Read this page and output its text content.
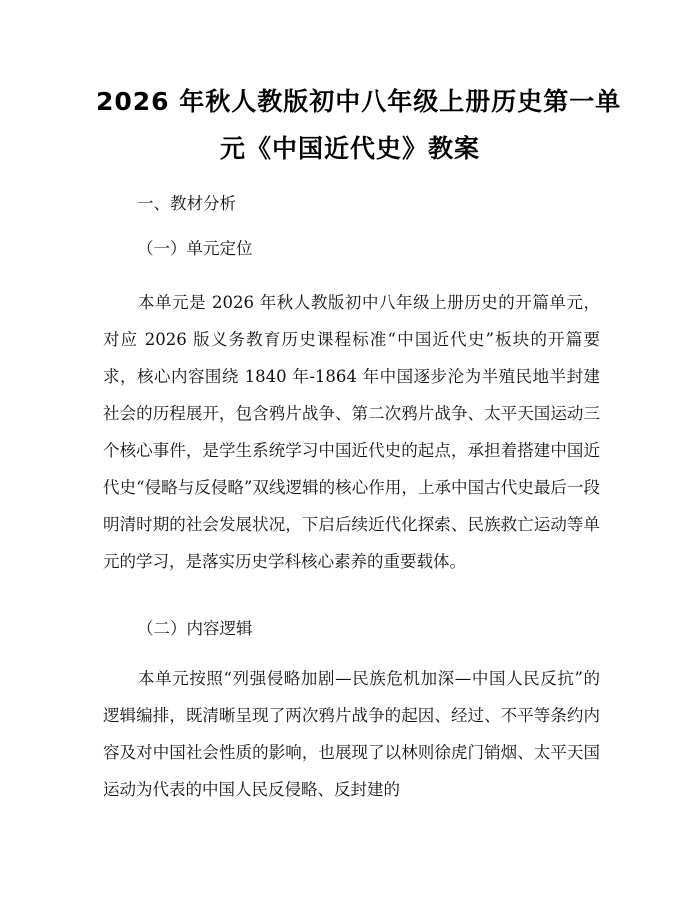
2026 年秋人教版初中八年级上册历史第一单
元《中国近代史》教案
一、教材分析
（一）单元定位
本单元是 2026 年秋人教版初中八年级上册历史的开篇单元，对应 2026 版义务教育历史课程标准“中国近代史”板块的开篇要求，核心内容围绕 1840 年-1864 年中国逐步沦为半殖民地半封建社会的历程展开，包含鸦片战争、第二次鸦片战争、太平天国运动三个核心事件，是学生系统学习中国近代史的起点，承担着搭建中国近代史“侵略与反侵略”双线逻辑的核心作用，上承中国古代史最后一段明清时期的社会发展状况，下启后续近代化探索、民族救亡运动等单元的学习，是落实历史学科核心素养的重要载体。
（二）内容逻辑
本单元按照“列强侵略加剧—民族危机加深—中国人民反抗”的逻辑编排，既清晰呈现了两次鸦片战争的起因、经过、不平等条约内容及对中国社会性质的影响，也展现了以林则徐虎门销烟、太平天国运动为代表的中国人民反侵略、反封建的
